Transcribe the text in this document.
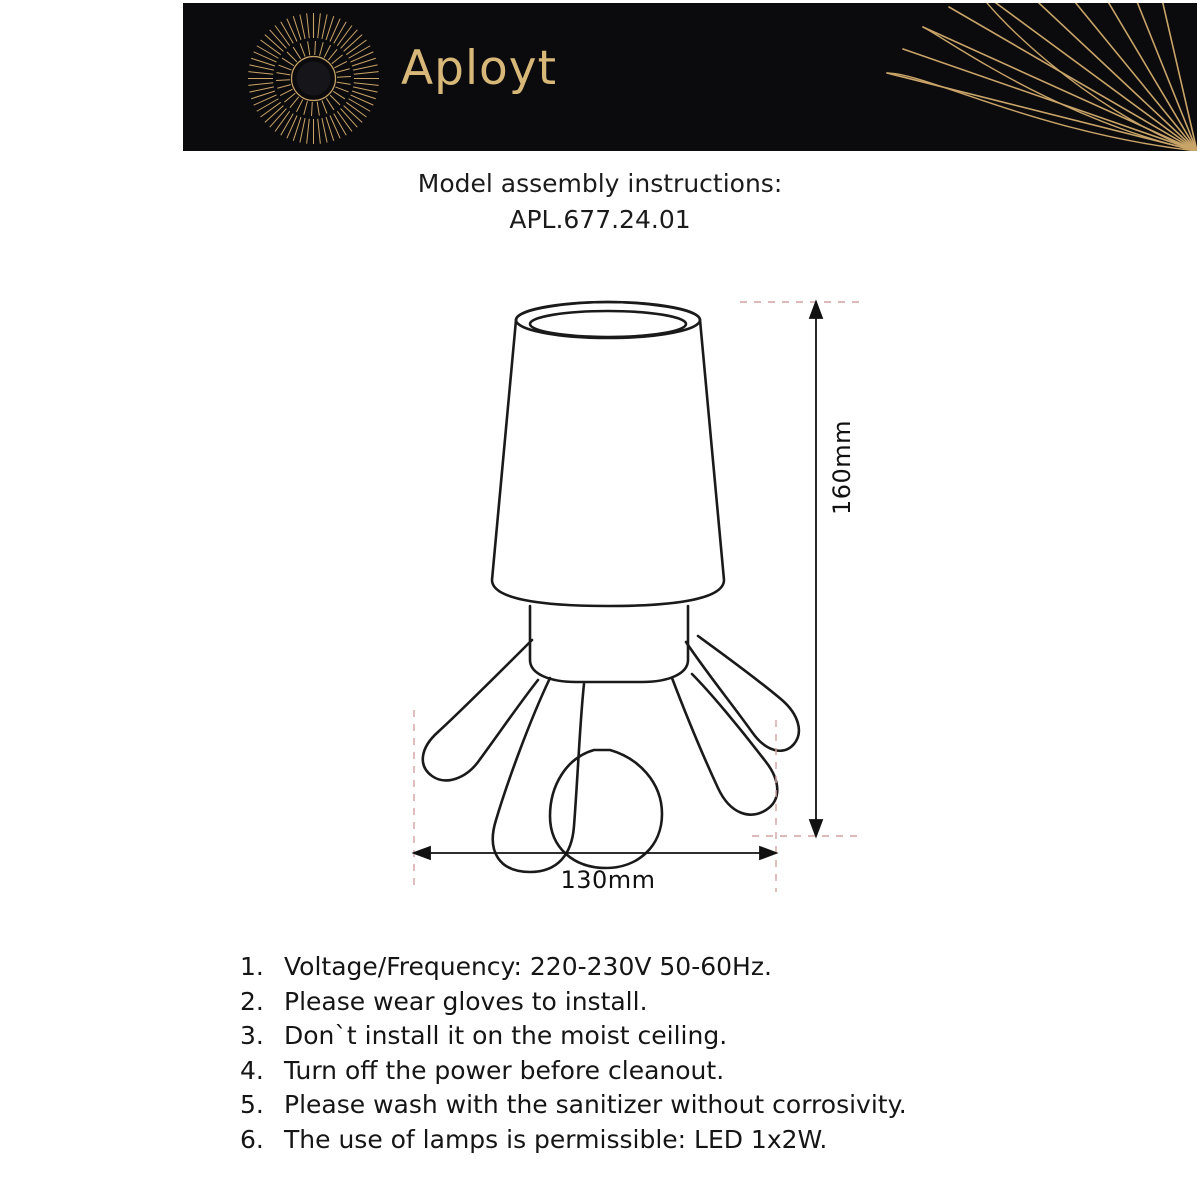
Aployt
Model assembly instructions:
APL.677.24.01
160mm
130mm
1. Voltage/Frequency: 220-230V 50-60Hz.
2. Please wear gloves to install.
3. Don`t install it on the moist ceiling.
4. Turn off the power before cleanout.
5. Please wash with the sanitizer without corrosivity.
6. The use of lamps is permissible: LED 1x2W.
